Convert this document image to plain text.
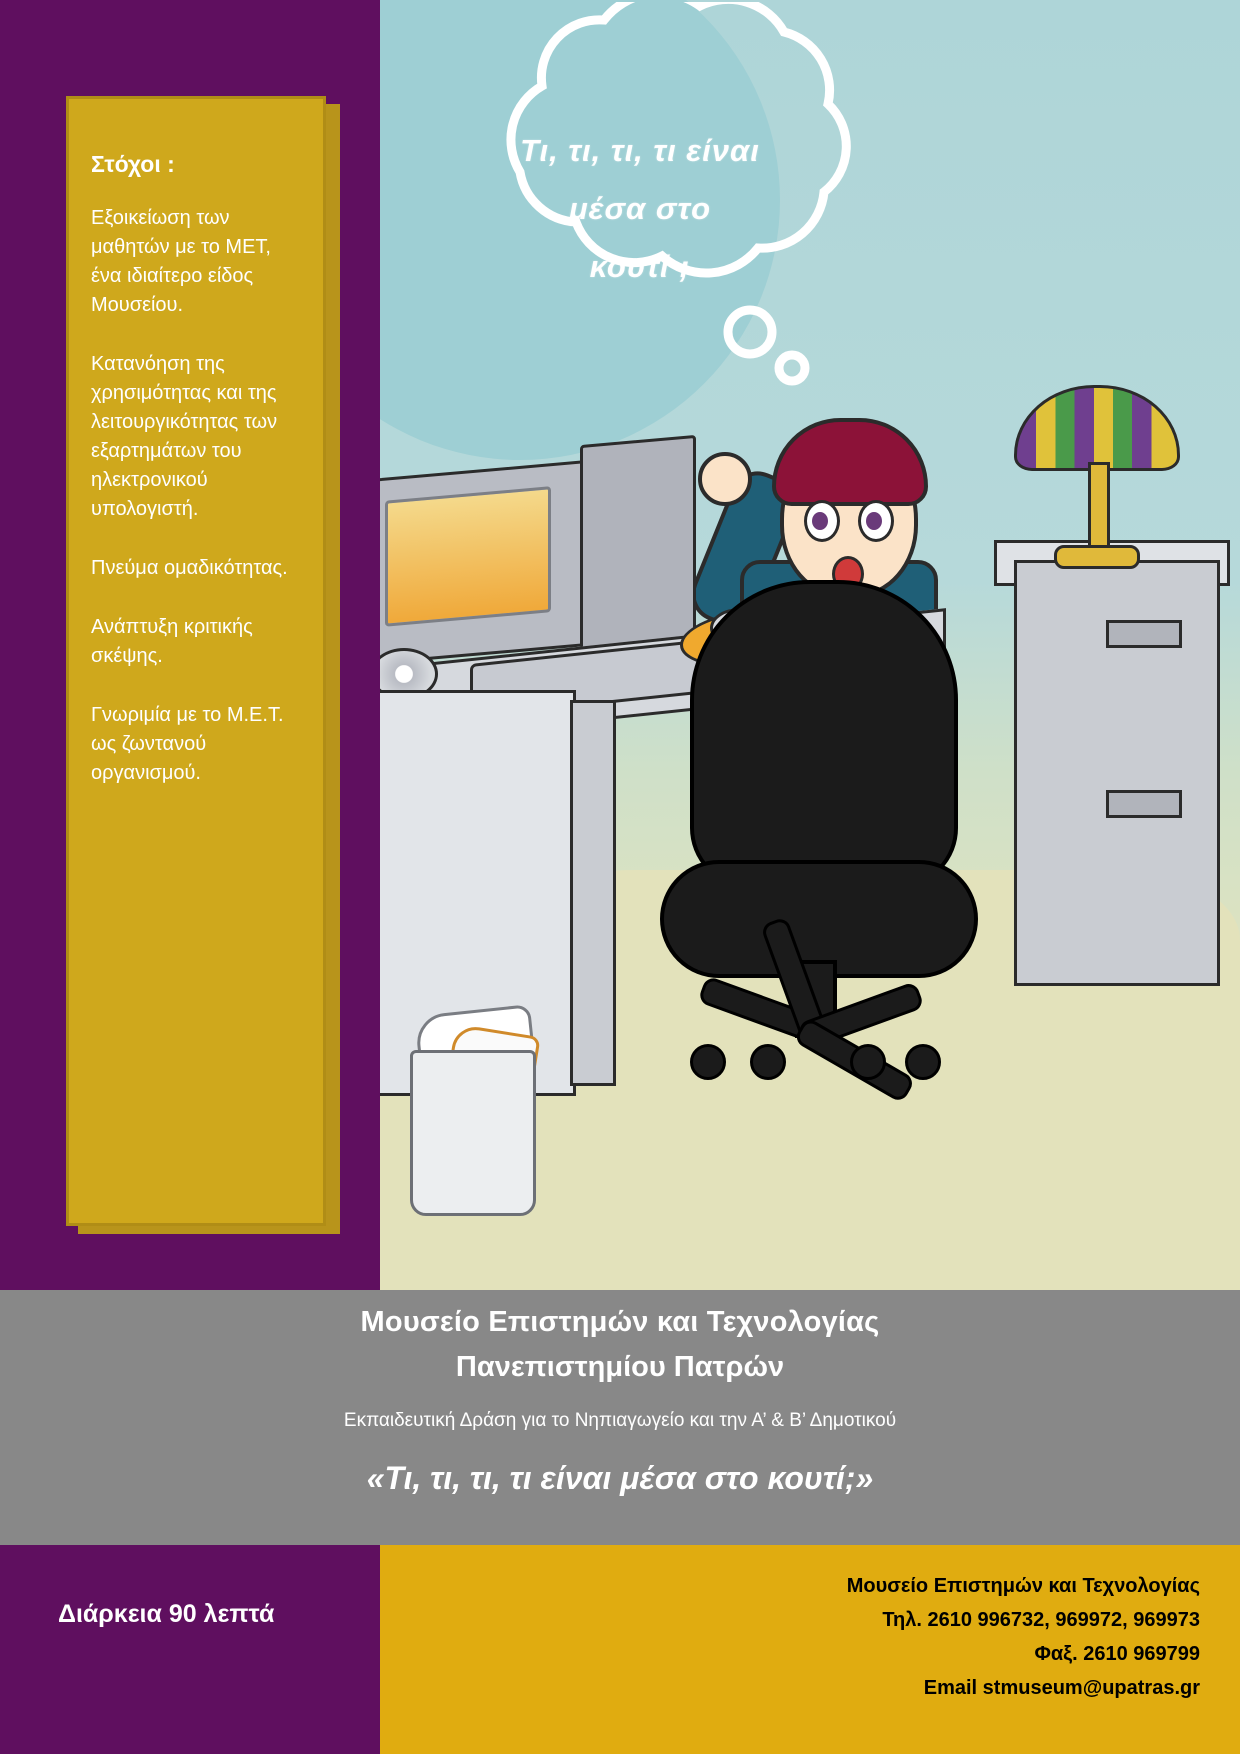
Τι, τι, τι, τι είναι
μέσα στο
κουτί ;
Στόχοι :

Εξοικείωση των μαθητών με το ΜΕΤ, ένα ιδιαίτερο είδος Μουσείου.

Κατανόηση της χρησιμότητας και της λειτουργικότητας των εξαρτημάτων του ηλεκτρονικού υπολογιστή.

Πνεύμα ομαδικότητας.

Ανάπτυξη κριτικής σκέψης.

Γνωριμία με το Μ.Ε.Τ. ως ζωντανού οργανισμού.

Μουσείο Επιστημών και Τεχνολογίας
Πανεπιστημίου Πατρών
Εκπαιδευτική Δράση για το Νηπιαγωγείο και την Α’ & Β’ Δημοτικού
«Τι, τι, τι, τι είναι μέσα στο κουτί;»
Διάρκεια 90 λεπτά
Μουσείο Επιστημών και Τεχνολογίας
Τηλ. 2610 996732, 969972, 969973
Φαξ. 2610 969799
Email stmuseum@upatras.gr
